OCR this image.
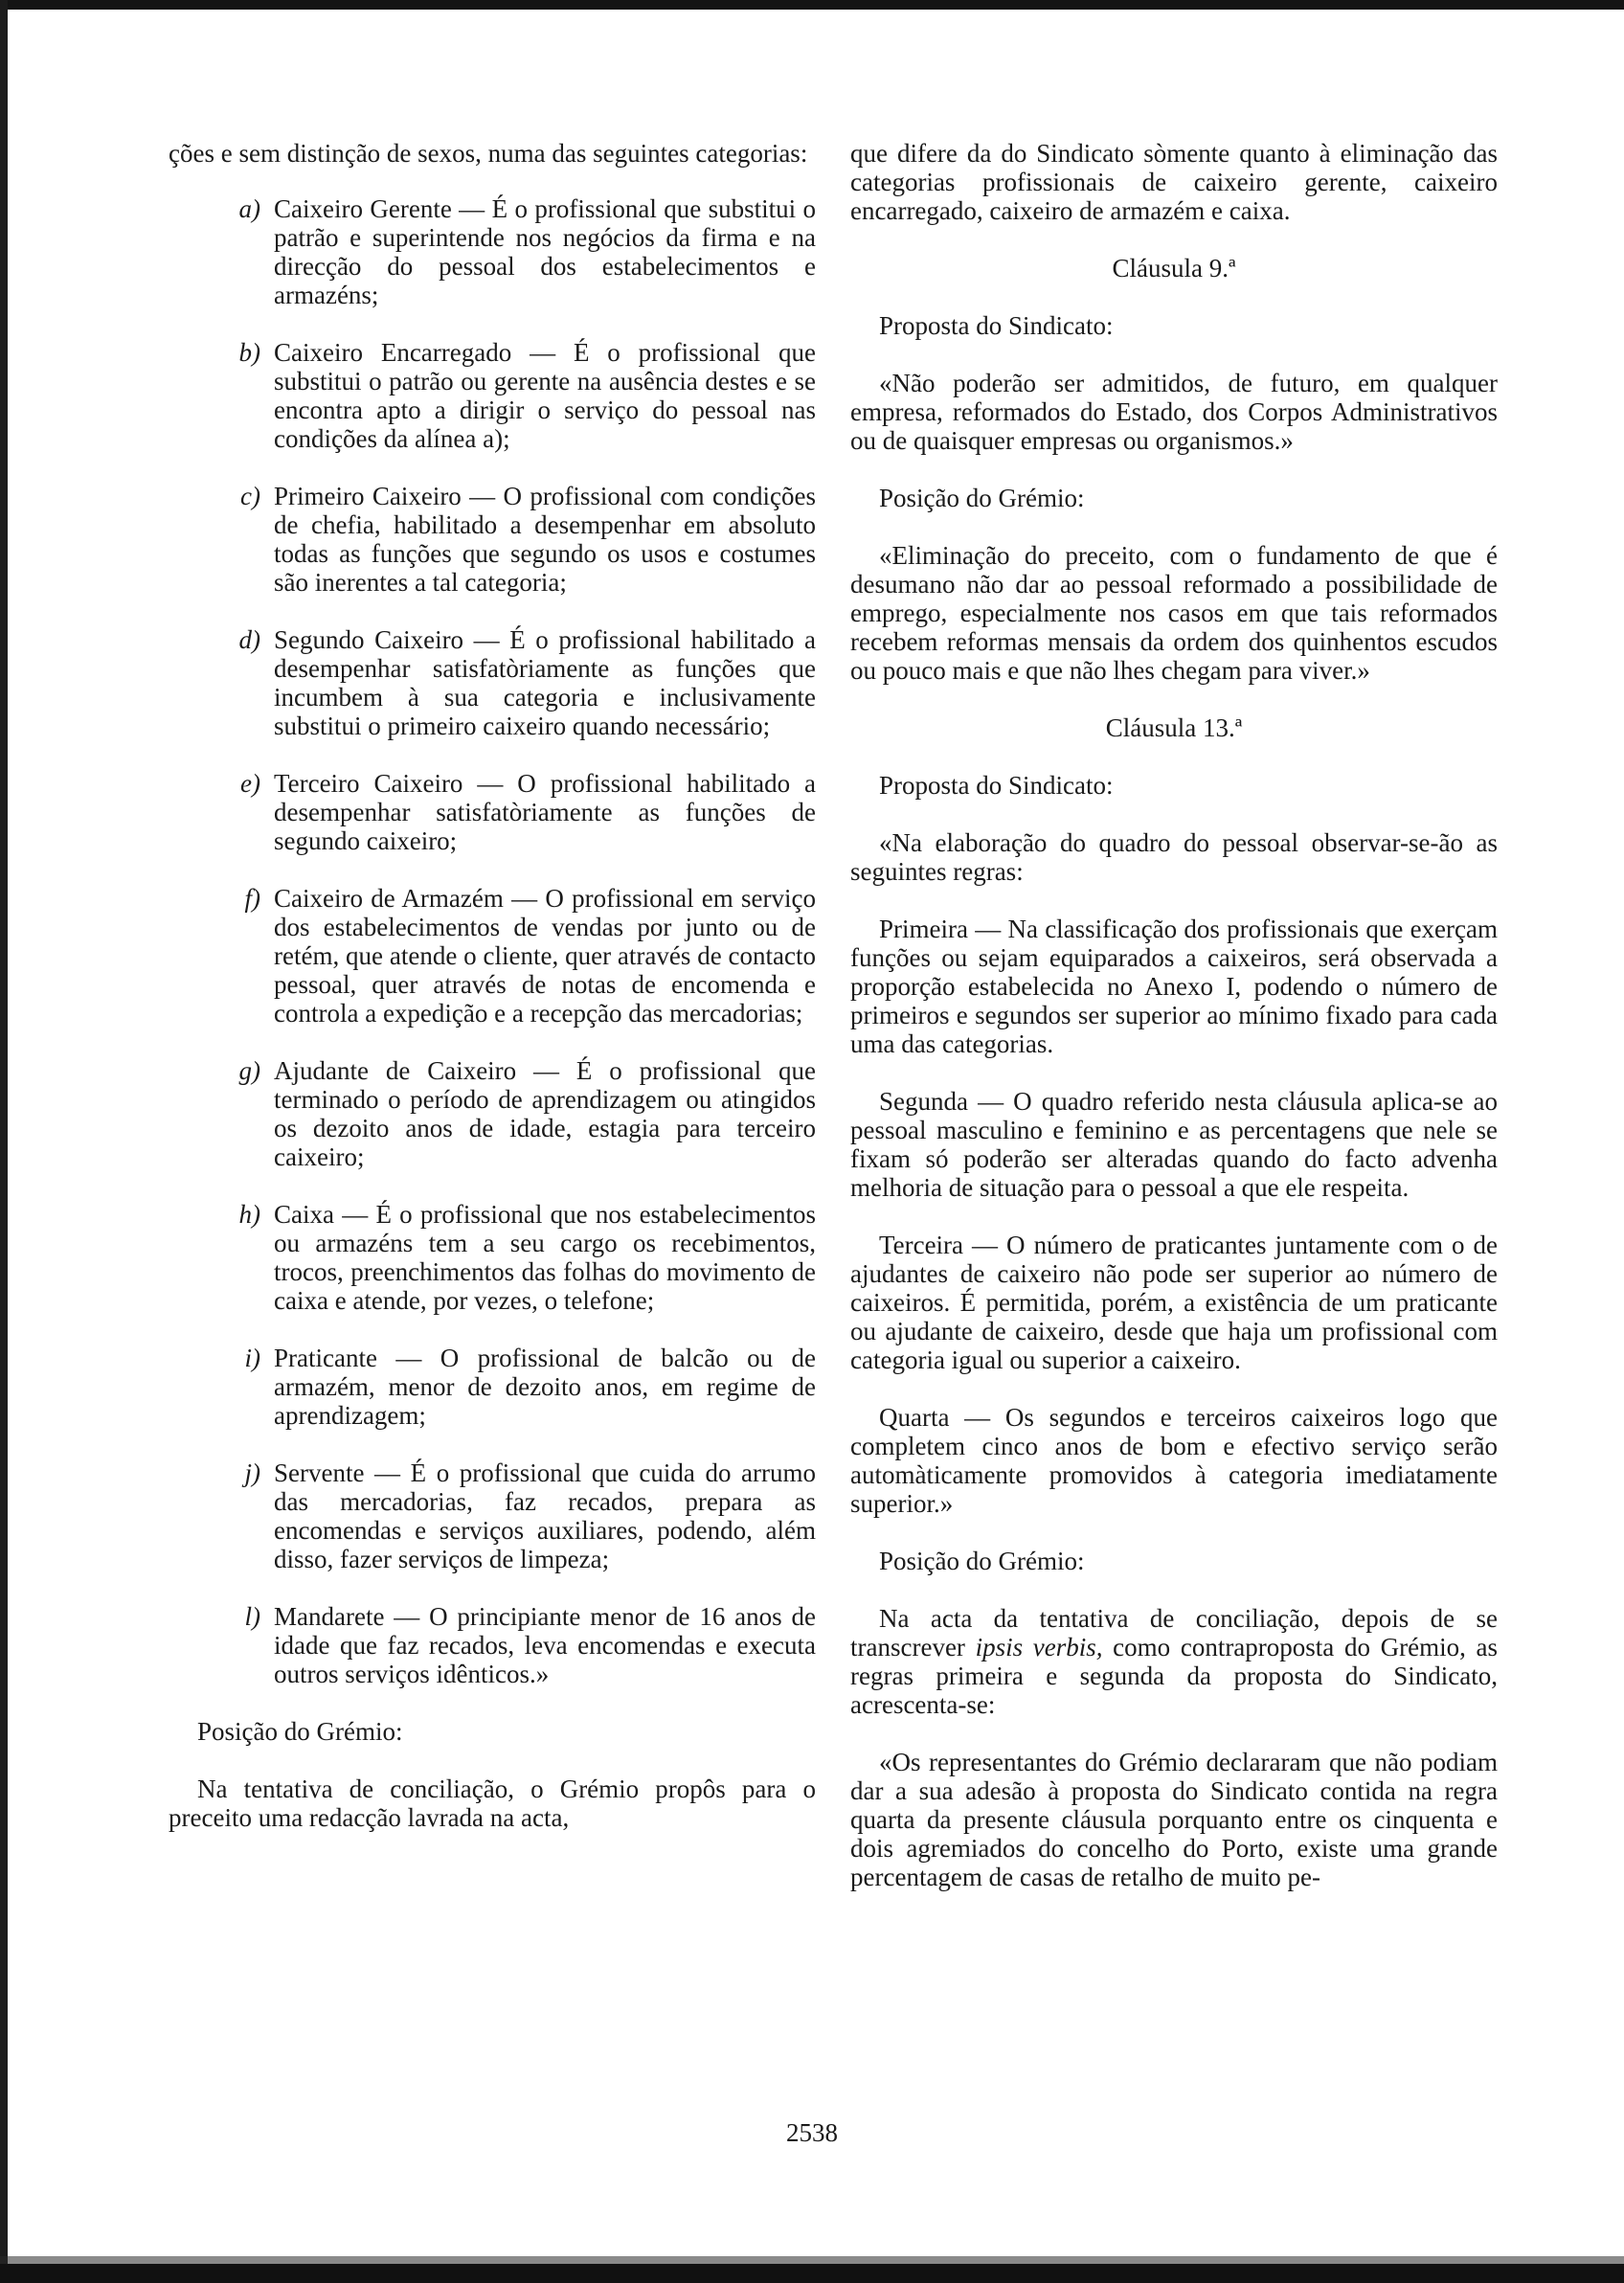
ções e sem distinção de sexos, numa das seguintes categorias:

a) Caixeiro Gerente — É o profissional que substitui o patrão e superintende nos negócios da firma e na direcção do pessoal dos estabelecimentos e armazéns;
b) Caixeiro Encarregado — É o profissional que substitui o patrão ou gerente na ausência destes e se encontra apto a dirigir o serviço do pessoal nas condições da alínea a);
c) Primeiro Caixeiro — O profissional com condições de chefia, habilitado a desempenhar em absoluto todas as funções que segundo os usos e costumes são inerentes a tal categoria;
d) Segundo Caixeiro — É o profissional habilitado a desempenhar satisfatòriamente as funções que incumbem à sua categoria e inclusivamente substitui o primeiro caixeiro quando necessário;
e) Terceiro Caixeiro — O profissional habilitado a desempenhar satisfatòriamente as funções de segundo caixeiro;
f) Caixeiro de Armazém — O profissional em serviço dos estabelecimentos de vendas por junto ou de retém, que atende o cliente, quer através de contacto pessoal, quer através de notas de encomenda e controla a expedição e a recepção das mercadorias;
g) Ajudante de Caixeiro — É o profissional que terminado o período de aprendizagem ou atingidos os dezoito anos de idade, estagia para terceiro caixeiro;
h) Caixa — É o profissional que nos estabelecimentos ou armazéns tem a seu cargo os recebimentos, trocos, preenchimentos das folhas do movimento de caixa e atende, por vezes, o telefone;
i) Praticante — O profissional de balcão ou de armazém, menor de dezoito anos, em regime de aprendizagem;
j) Servente — É o profissional que cuida do arrumo das mercadorias, faz recados, prepara as encomendas e serviços auxiliares, podendo, além disso, fazer serviços de limpeza;
l) Mandarete — O principiante menor de 16 anos de idade que faz recados, leva encomendas e executa outros serviços idênticos.»

Posição do Grémio:

Na tentativa de conciliação, o Grémio propôs para o preceito uma redacção lavrada na acta,

que difere da do Sindicato sòmente quanto à eliminação das categorias profissionais de caixeiro gerente, caixeiro encarregado, caixeiro de armazém e caixa.

Cláusula 9.ª

Proposta do Sindicato:

«Não poderão ser admitidos, de futuro, em qualquer empresa, reformados do Estado, dos Corpos Administrativos ou de quaisquer empresas ou organismos.»

Posição do Grémio:

«Eliminação do preceito, com o fundamento de que é desumano não dar ao pessoal reformado a possibilidade de emprego, especialmente nos casos em que tais reformados recebem reformas mensais da ordem dos quinhentos escudos ou pouco mais e que não lhes chegam para viver.»

Cláusula 13.ª

Proposta do Sindicato:

«Na elaboração do quadro do pessoal observar-se-ão as seguintes regras:

Primeira — Na classificação dos profissionais que exerçam funções ou sejam equiparados a caixeiros, será observada a proporção estabelecida no Anexo I, podendo o número de primeiros e segundos ser superior ao mínimo fixado para cada uma das categorias.

Segunda — O quadro referido nesta cláusula aplica-se ao pessoal masculino e feminino e as percentagens que nele se fixam só poderão ser alteradas quando do facto advenha melhoria de situação para o pessoal a que ele respeita.

Terceira — O número de praticantes juntamente com o de ajudantes de caixeiro não pode ser superior ao número de caixeiros. É permitida, porém, a existência de um praticante ou ajudante de caixeiro, desde que haja um profissional com categoria igual ou superior a caixeiro.

Quarta — Os segundos e terceiros caixeiros logo que completem cinco anos de bom e efectivo serviço serão automàticamente promovidos à categoria imediatamente superior.»

Posição do Grémio:

Na acta da tentativa de conciliação, depois de se transcrever ipsis verbis, como contraproposta do Grémio, as regras primeira e segunda da proposta do Sindicato, acrescenta-se:

«Os representantes do Grémio declararam que não podiam dar a sua adesão à proposta do Sindicato contida na regra quarta da presente cláusula porquanto entre os cinquenta e dois agremiados do concelho do Porto, existe uma grande percentagem de casas de retalho de muito pe-

2538
